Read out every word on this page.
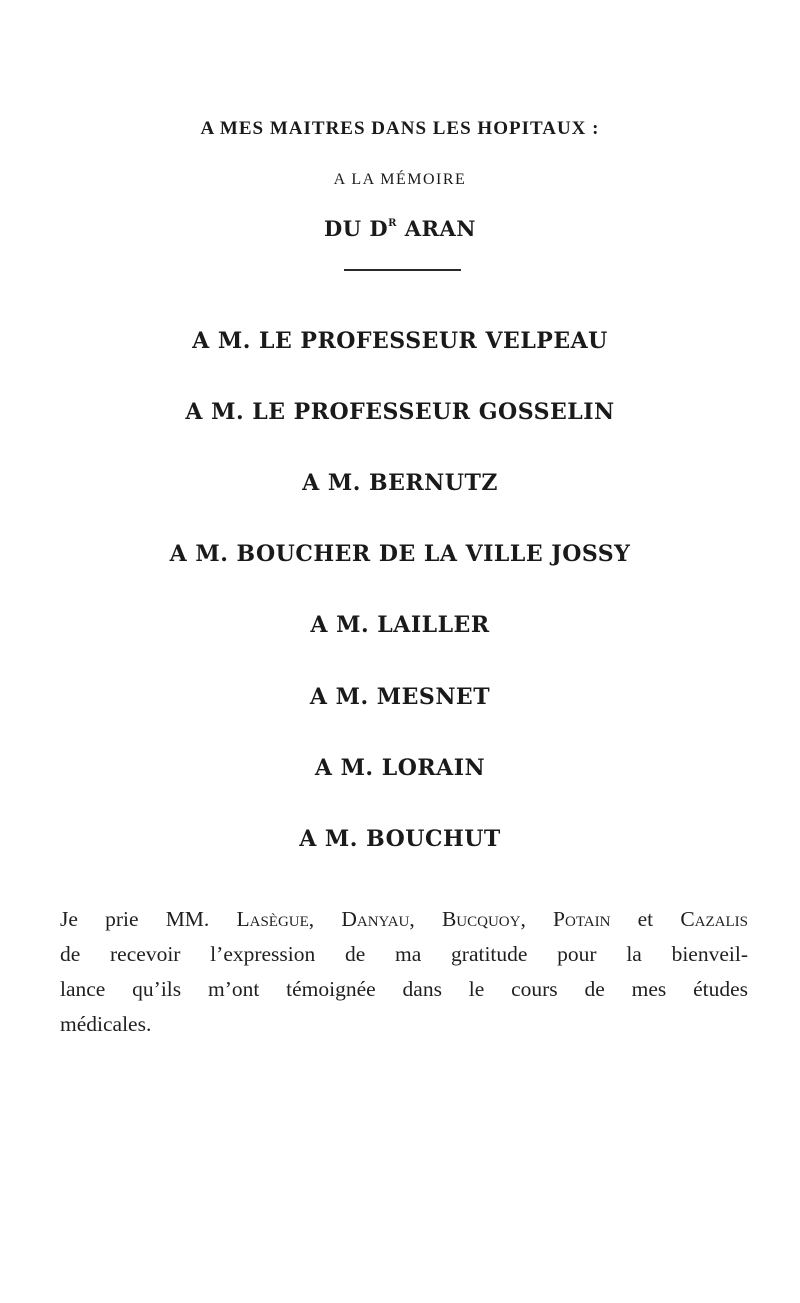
A MES MAITRES DANS LES HOPITAUX :
A LA MÉMOIRE
DU $D^R$ ARAN
A M. LE PROFESSEUR VELPEAU
A M. LE PROFESSEUR GOSSELIN
A M. BERNUTZ
A M. BOUCHER DE LA VILLE JOSSY
A M. LAILLER
A M. MESNET
A M. LORAIN
A M. BOUCHUT
Je prie MM. Lasègue, Danyau, Bucquoy, Potain et Cazalis
de recevoir l’expression de ma gratitude pour la bienveil-
lance qu’ils m’ont témoignée dans le cours de mes études
médicales.
